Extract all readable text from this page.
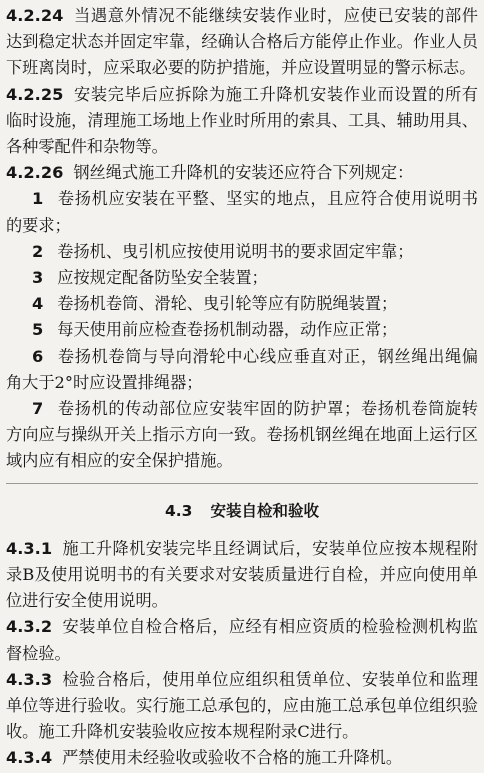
4.2.24 当遇意外情况不能继续安装作业时，应使已安装的部件达到稳定状态并固定牢靠，经确认合格后方能停止作业。作业人员下班离岗时，应采取必要的防护措施，并应设置明显的警示标志。

4.2.25 安装完毕后应拆除为施工升降机安装作业而设置的所有临时设施，清理施工场地上作业时所用的索具、工具、辅助用具、各种零配件和杂物等。

4.2.26 钢丝绳式施工升降机的安装还应符合下列规定：

1 卷扬机应安装在平整、坚实的地点，且应符合使用说明书的要求；

2 卷扬机、曳引机应按使用说明书的要求固定牢靠；

3 应按规定配备防坠安全装置；

4 卷扬机卷筒、滑轮、曳引轮等应有防脱绳装置；

5 每天使用前应检查卷扬机制动器，动作应正常；

6 卷扬机卷筒与导向滑轮中心线应垂直对正，钢丝绳出绳偏角大于2°时应设置排绳器；

7 卷扬机的传动部位应安装牢固的防护罩；卷扬机卷筒旋转方向应与操纵开关上指示方向一致。卷扬机钢丝绳在地面上运行区域内应有相应的安全保护措施。

4.3 安装自检和验收

4.3.1 施工升降机安装完毕且经调试后，安装单位应按本规程附录B及使用说明书的有关要求对安装质量进行自检，并应向使用单位进行安全使用说明。

4.3.2 安装单位自检合格后，应经有相应资质的检验检测机构监督检验。

4.3.3 检验合格后，使用单位应组织租赁单位、安装单位和监理单位等进行验收。实行施工总承包的，应由施工总承包单位组织验收。施工升降机安装验收应按本规程附录C进行。

4.3.4 严禁使用未经验收或验收不合格的施工升降机。
